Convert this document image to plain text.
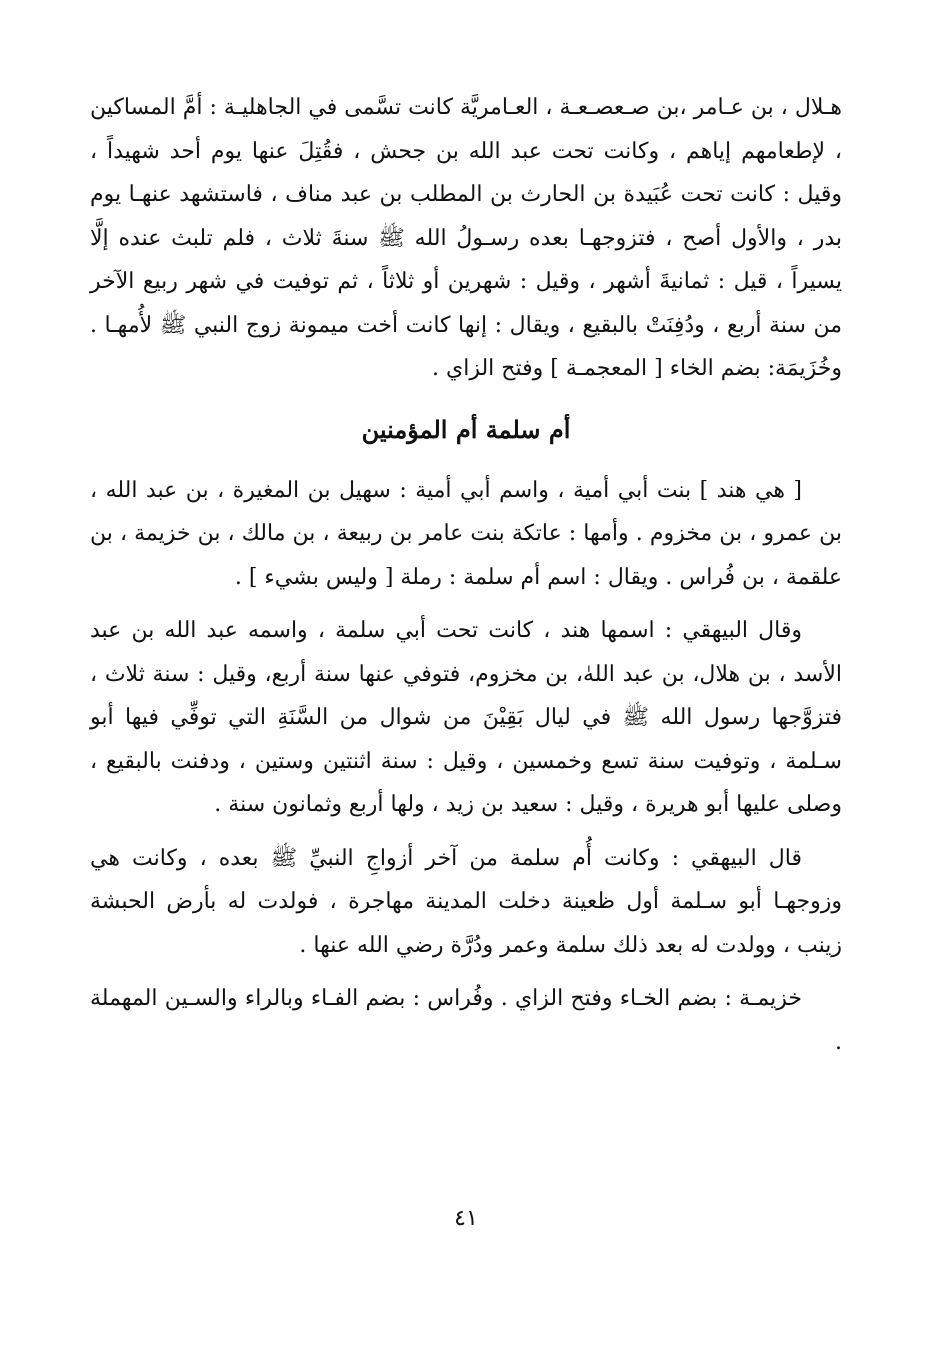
هـلال ، بن عـامر ،بن صـعصـعـة ، العـامريَّة كانت تسَّمى في الجاهليـة : أمَّ المساكين ، لإطعامهم إياهم ، وكانت تحت عبد الله بن جحش ، فقُتِلَ عنها يوم أحد شهيداً ، وقيل : كانت تحت عُبَيدة بن الحارث بن المطلب بن عبد مناف ، فاستشهد عنهـا يوم بدر ، والأول أصح ، فتزوجهـا بعده رسـولُ الله ﷺ سنةَ ثلاث ، فلم تلبث عنده إلَّا يسيراً ، قيل : ثمانيةَ أشهر ، وقيل : شهرين أو ثلاثاً ، ثم توفيت في شهر ربيع الآخر من سنة أربع ، ودُفِنَتْ بالبقيع ، ويقال : إنها كانت أخت ميمونة زوج النبي ﷺ لأُمهـا . وخُزَيمَة: بضم الخاء [ المعجمـة ] وفتح الزاي .

أم سلمة أم المؤمنين

[ هي هند ] بنت أبي أمية ، واسم أبي أمية : سهيل بن المغيرة ، بن عبد الله ، بن عمرو ، بن مخزوم . وأمها : عاتكة بنت عامر بن ربيعة ، بن مالك ، بن خزيمة ، بن علقمة ، بن فُراس . ويقال : اسم أم سلمة : رملة [ وليس بشيء ] .

وقال البيهقي : اسمها هند ، كانت تحت أبي سلمة ، واسمه عبد الله بن عبد الأسد ، بن هلال، بن عبد اللهٰ، بن مخزوم، فتوفي عنها سنة أربع، وقيل : سنة ثلاث ، فتزوَّجها رسول الله ﷺ في ليال بَقِيْنَ من شوال من السَّنَةِ التي توفِّي فيها أبو سـلمة ، وتوفيت سنة تسع وخمسين ، وقيل : سنة اثنتين وستين ، ودفنت بالبقيع ، وصلى عليها أبو هريرة ، وقيل : سعيد بن زيد ، ولها أربع وثمانون سنة .

قال البيهقي : وكانت أُم سلمة من آخر أزواجِ النبيِّ ﷺ بعده ، وكانت هي وزوجهـا أبو سـلمة أول ظعينة دخلت المدينة مهاجرة ، فولدت له بأرض الحبشة زينب ، وولدت له بعد ذلك سلمة وعمر ودُرَّة رضي الله عنها .

خزيمـة : بضم الخـاء وفتح الزاي . وفُراس : بضم الفـاء وبالراء والسـين المهملة .

٤١
